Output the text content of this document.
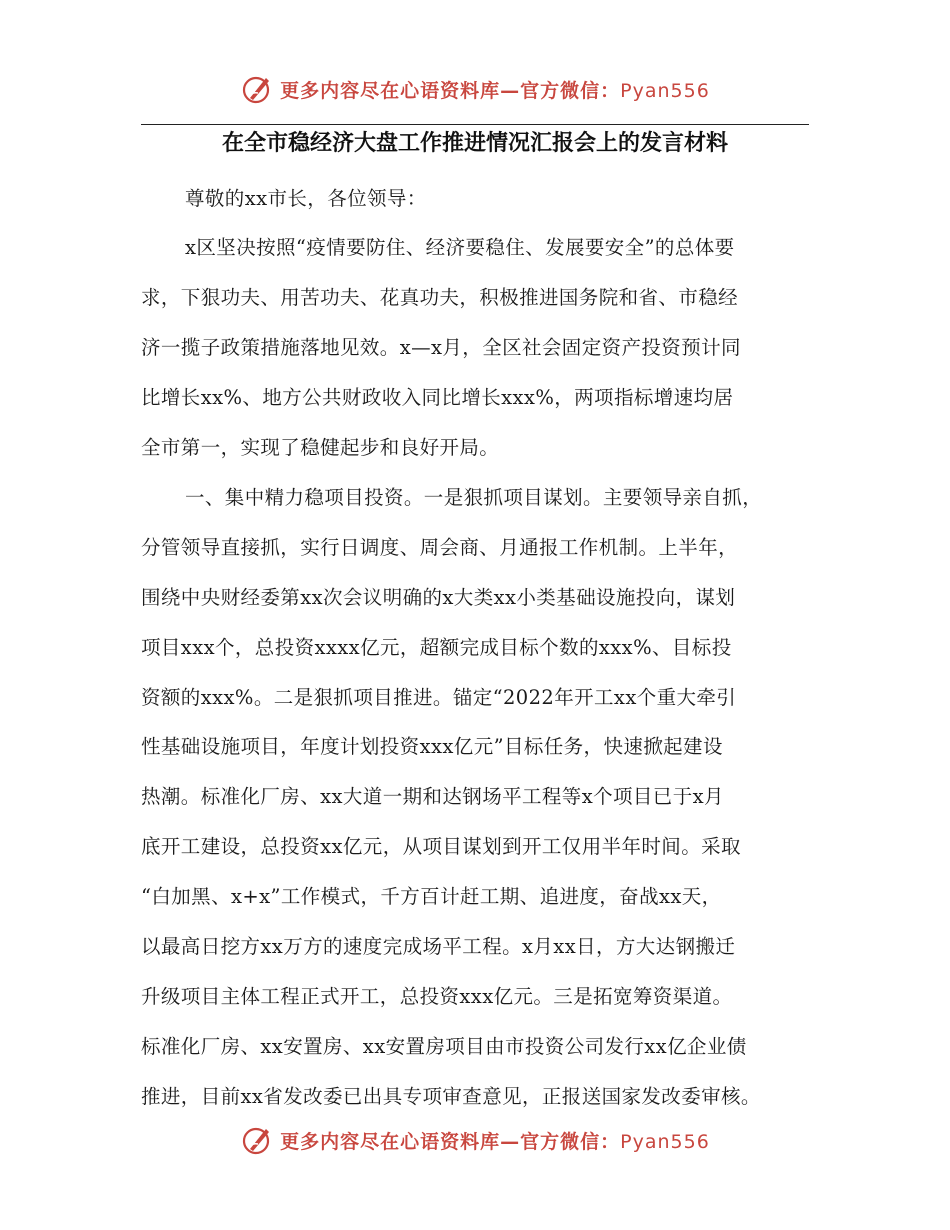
更多内容尽在心语资料库—官方微信：Pyan556
在全市稳经济大盘工作推进情况汇报会上的发言材料
尊敬的xx市长，各位领导：
x区坚决按照“疫情要防住、经济要稳住、发展要安全”的总体要
求，下狠功夫、用苦功夫、花真功夫，积极推进国务院和省、市稳经
济一揽子政策措施落地见效。x—x月，全区社会固定资产投资预计同
比增长xx%、地方公共财政收入同比增长xxx%，两项指标增速均居
全市第一，实现了稳健起步和良好开局。
一、集中精力稳项目投资。一是狠抓项目谋划。主要领导亲自抓，
分管领导直接抓，实行日调度、周会商、月通报工作机制。上半年，
围绕中央财经委第xx次会议明确的x大类xx小类基础设施投向，谋划
项目xxx个，总投资xxxx亿元，超额完成目标个数的xxx%、目标投
资额的xxx%。二是狠抓项目推进。锚定“2022年开工xx个重大牵引
性基础设施项目，年度计划投资xxx亿元”目标任务，快速掀起建设
热潮。标准化厂房、xx大道一期和达钢场平工程等x个项目已于x月
底开工建设，总投资xx亿元，从项目谋划到开工仅用半年时间。采取
“白加黑、x+x”工作模式，千方百计赶工期、追进度，奋战xx天，
以最高日挖方xx万方的速度完成场平工程。x月xx日，方大达钢搬迁
升级项目主体工程正式开工，总投资xxx亿元。三是拓宽筹资渠道。
标准化厂房、xx安置房、xx安置房项目由市投资公司发行xx亿企业债
推进，目前xx省发改委已出具专项审查意见，正报送国家发改委审核。
更多内容尽在心语资料库—官方微信：Pyan556
